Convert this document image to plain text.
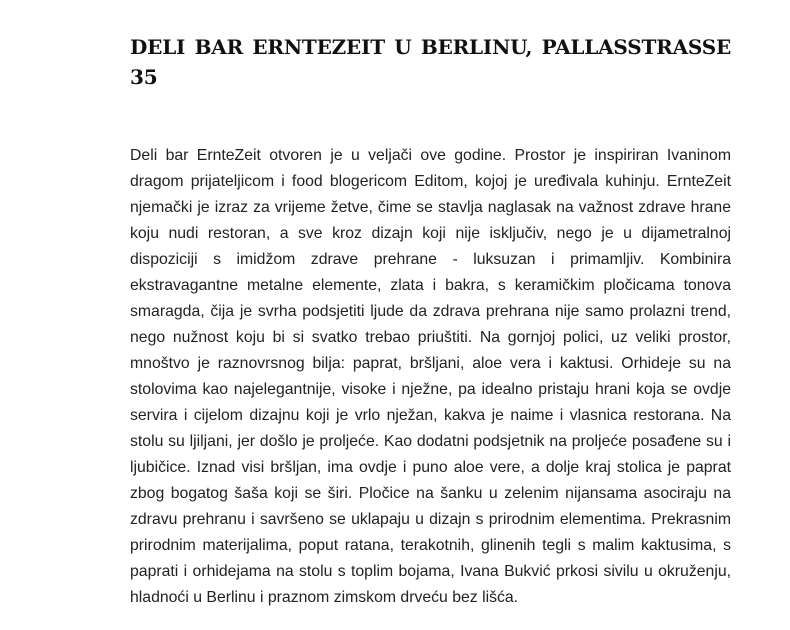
DELI BAR ERNTEZEIT U BERLINU, PALLASSTRASSE 35

Deli bar ErnteZeit otvoren je u veljači ove godine. Prostor je inspiriran Ivaninom dragom prijateljicom i food blogericom Editom, kojoj je uređivala kuhinju. ErnteZeit njemački je izraz za vrijeme žetve, čime se stavlja naglasak na važnost zdrave hrane koju nudi restoran, a sve kroz dizajn koji nije isključiv, nego je u dijametralnoj dispoziciji s imidžom zdrave prehrane - luksuzan i primamljiv. Kombinira ekstravagantne metalne elemente, zlata i bakra, s keramičkim pločicama tonova smaragda, čija je svrha podsjetiti ljude da zdrava prehrana nije samo prolazni trend, nego nužnost koju bi si svatko trebao priuštiti. Na gornjoj polici, uz veliki prostor, mnoštvo je raznovrsnog bilja: paprat, bršljani, aloe vera i kaktusi. Orhideje su na stolovima kao najelegantnije, visoke i nježne, pa idealno pristaju hrani koja se ovdje servira i cijelom dizajnu koji je vrlo nježan, kakva je naime i vlasnica restorana. Na stolu su ljiljani, jer došlo je proljeće. Kao dodatni podsjetnik na proljeće posađene su i ljubičice. Iznad visi bršljan, ima ovdje i puno aloe vere, a dolje kraj stolica je paprat zbog bogatog šaša koji se širi. Pločice na šanku u zelenim nijansama asociraju na zdravu prehranu i savršeno se uklapaju u dizajn s prirodnim elementima. Prekrasnim prirodnim materijalima, poput ratana, terakotnih, glinenih tegli s malim kaktusima, s paprati i orhidejama na stolu s toplim bojama, Ivana Bukvić prkosi sivilu u okruženju, hladnoći u Berlinu i praznom zimskom drveću bez lišća.
